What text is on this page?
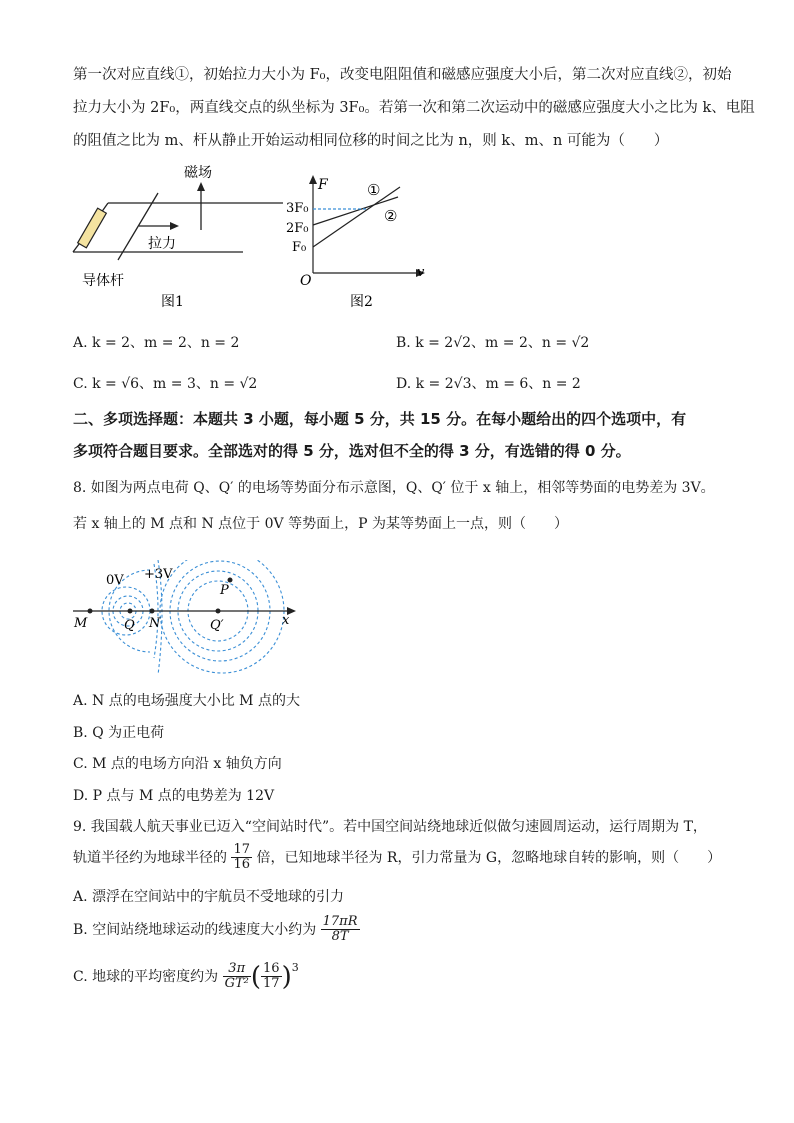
第一次对应直线①，初始拉力大小为 F₀，改变电阻阻值和磁感应强度大小后，第二次对应直线②，初始
拉力大小为 2F₀，两直线交点的纵坐标为 3F₀。若第一次和第二次运动中的磁感应强度大小之比为 k、电阻
的阻值之比为 m、杆从静止开始运动相同位移的时间之比为 n，则 k、m、n 可能为（　　）
磁场
拉力
导体杆
图1
F
v
O
3F₀
2F₀
F₀
①
②
图2
A. k = 2、m = 2、n = 2	B. k = 2√2、m = 2、n = √2
C. k = √6、m = 3、n = √2	D. k = 2√3、m = 6、n = 2
二、多项选择题：本题共 3 小题，每小题 5 分，共 15 分。在每小题给出的四个选项中，有
多项符合题目要求。全部选对的得 5 分，选对但不全的得 3 分，有选错的得 0 分。
8. 如图为两点电荷 Q、Q′ 的电场等势面分布示意图，Q、Q′ 位于 x 轴上，相邻等势面的电势差为 3V。
若 x 轴上的 M 点和 N 点位于 0V 等势面上，P 为某等势面上一点，则（　　）
0V +3V
M	Q N	Q′
P
x
A. N 点的电场强度大小比 M 点的大
B. Q 为正电荷
C. M 点的电场方向沿 x 轴负方向
D. P 点与 M 点的电势差为 12V
9. 我国载人航天事业已迈入“空间站时代”。若中国空间站绕地球近似做匀速圆周运动，运行周期为 T，
轨道半径约为地球半径的 $\frac{17}{16}$ 倍，已知地球半径为 R，引力常量为 G，忽略地球自转的影响，则（　　）
A. 漂浮在空间站中的宇航员不受地球的引力
B. 空间站绕地球运动的线速度大小约为 $\frac{17\pi R}{8T}$
C. 地球的平均密度约为 $\frac{3\pi}{\text{GT²}}$ ( $\frac{16}{17} )^3$
